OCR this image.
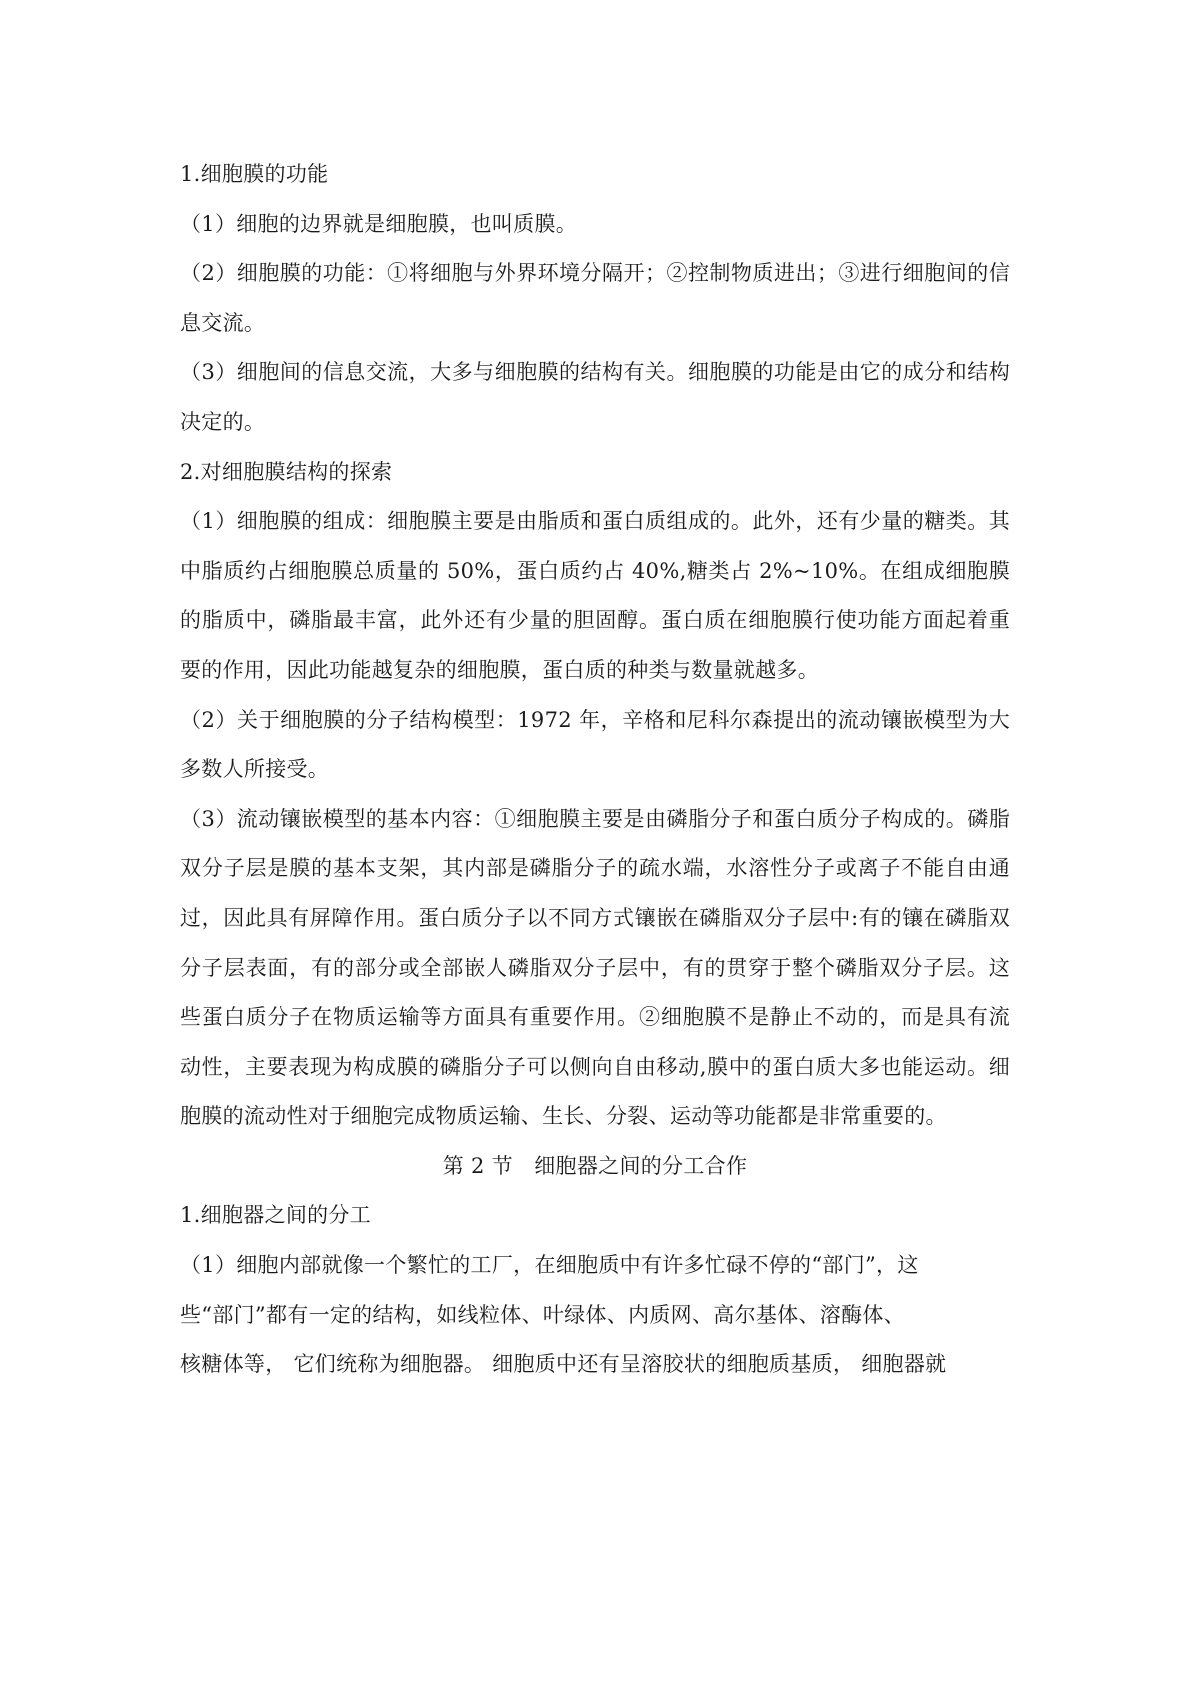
1.细胞膜的功能

（1）细胞的边界就是细胞膜，也叫质膜。

（2）细胞膜的功能：①将细胞与外界环境分隔开；②控制物质进出；③进行细胞间的信息交流。

（3）细胞间的信息交流，大多与细胞膜的结构有关。细胞膜的功能是由它的成分和结构决定的。

2.对细胞膜结构的探索

（1）细胞膜的组成：细胞膜主要是由脂质和蛋白质组成的。此外，还有少量的糖类。其中脂质约占细胞膜总质量的 50%，蛋白质约占 40%,糖类占 2%~10%。在组成细胞膜的脂质中，磷脂最丰富，此外还有少量的胆固醇。蛋白质在细胞膜行使功能方面起着重要的作用，因此功能越复杂的细胞膜，蛋白质的种类与数量就越多。

（2）关于细胞膜的分子结构模型：1972 年，辛格和尼科尔森提出的流动镶嵌模型为大多数人所接受。

（3）流动镶嵌模型的基本内容：①细胞膜主要是由磷脂分子和蛋白质分子构成的。磷脂双分子层是膜的基本支架，其内部是磷脂分子的疏水端，水溶性分子或离子不能自由通过，因此具有屏障作用。蛋白质分子以不同方式镶嵌在磷脂双分子层中:有的镶在磷脂双分子层表面，有的部分或全部嵌人磷脂双分子层中，有的贯穿于整个磷脂双分子层。这些蛋白质分子在物质运输等方面具有重要作用。②细胞膜不是静止不动的，而是具有流动性，主要表现为构成膜的磷脂分子可以侧向自由移动,膜中的蛋白质大多也能运动。细胞膜的流动性对于细胞完成物质运输、生长、分裂、运动等功能都是非常重要的。

第 2 节　细胞器之间的分工合作

1.细胞器之间的分工

（1）细胞内部就像一个繁忙的工厂，在细胞质中有许多忙碌不停的“部门”，这
些“部门”都有一定的结构，如线粒体、叶绿体、内质网、高尔基体、溶酶体、
核糖体等， 它们统称为细胞器。 细胞质中还有呈溶胶状的细胞质基质， 细胞器就
